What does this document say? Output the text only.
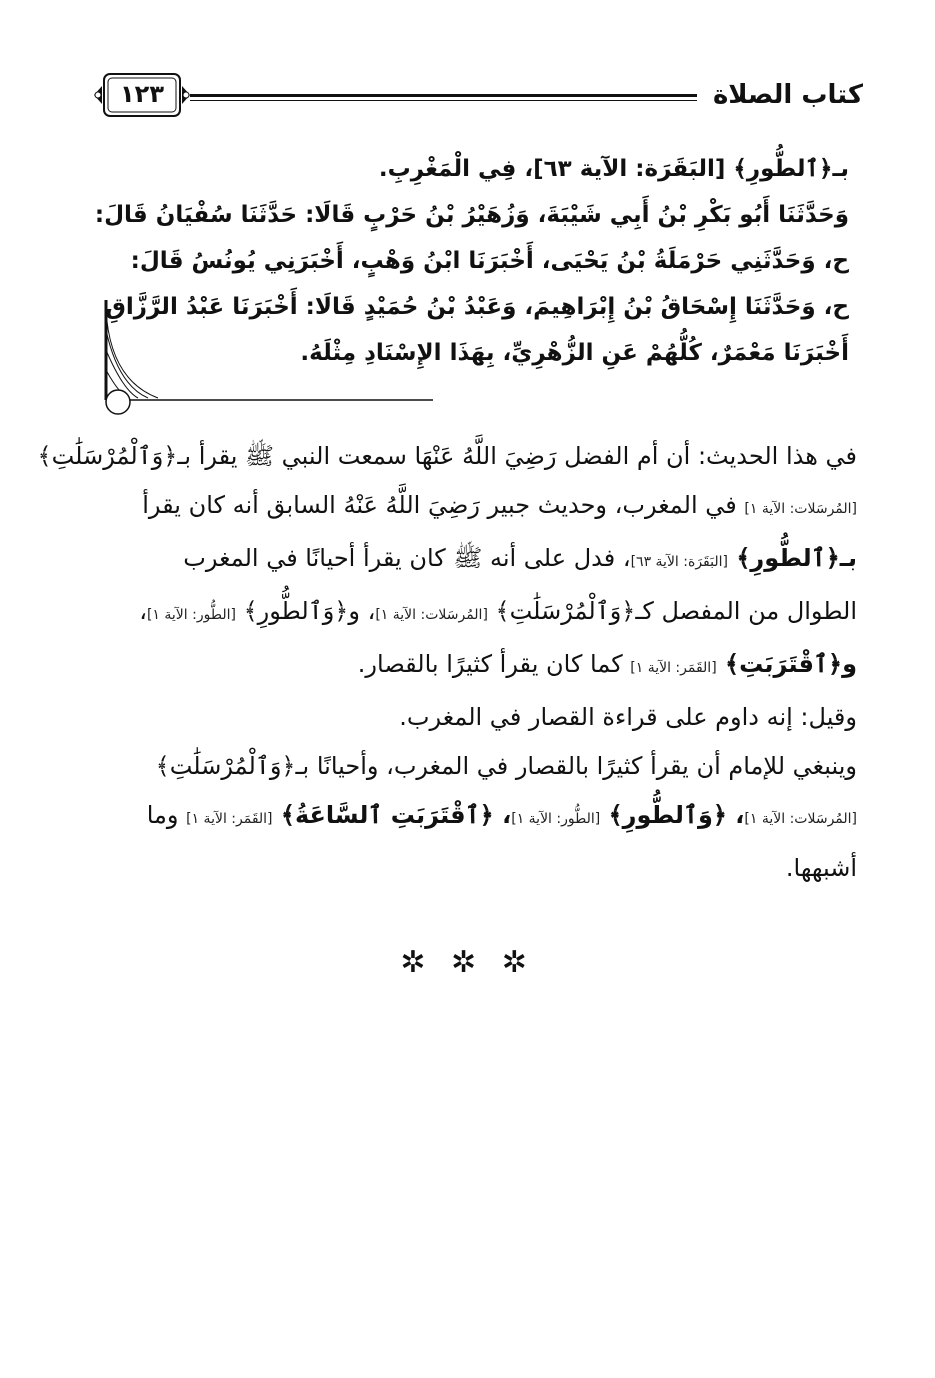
كتاب الصلاة
١٢٣

بـ﴿ٱلطُّورِ﴾ [البَقَرَة: الآية ٦٣]، فِي الْمَغْرِبِ.

وَحَدَّثَنَا أَبُو بَكْرِ بْنُ أَبِي شَيْبَةَ، وَزُهَيْرُ بْنُ حَرْبٍ قَالَا: حَدَّثَنَا سُفْيَانُ قَالَ:

ح، وَحَدَّثَنِي حَرْمَلَةُ بْنُ يَحْيَى، أَخْبَرَنَا ابْنُ وَهْبٍ، أَخْبَرَنِي يُونُسُ قَالَ:

ح، وَحَدَّثَنَا إِسْحَاقُ بْنُ إِبْرَاهِيمَ، وَعَبْدُ بْنُ حُمَيْدٍ قَالَا: أَخْبَرَنَا عَبْدُ الرَّزَّاقِ

أَخْبَرَنَا مَعْمَرٌ، كُلُّهُمْ عَنِ الزُّهْرِيِّ، بِهَذَا الإِسْنَادِ مِثْلَهُ.

في هذا الحديث: أن أم الفضل رَضِيَ اللَّهُ عَنْهَا سمعت النبي ﷺ يقرأ بـ﴿وَٱلْمُرْسَلَٰتِ﴾

[المُرسَلات: الآية ١] في المغرب، وحديث جبير رَضِيَ اللَّهُ عَنْهُ السابق أنه كان يقرأ

بـ﴿ٱلطُّورِ﴾ [البَقَرَة: الآية ٦٣]، فدل على أنه ﷺ كان يقرأ أحيانًا في المغرب

الطوال من المفصل كـ﴿وَٱلْمُرْسَلَٰتِ﴾ [المُرسَلات: الآية ١]، و﴿وَٱلطُّورِ﴾ [الطُّور: الآية ١]،

و﴿ٱقْتَرَبَتِ﴾ [القَمَر: الآية ١] كما كان يقرأ كثيرًا بالقصار.

وقيل: إنه داوم على قراءة القصار في المغرب.

وينبغي للإمام أن يقرأ كثيرًا بالقصار في المغرب، وأحيانًا بـ﴿وَٱلْمُرْسَلَٰتِ﴾

[المُرسَلات: الآية ١]، ﴿وَٱلطُّورِ﴾ [الطُّور: الآية ١]، ﴿ٱقْتَرَبَتِ ٱلسَّاعَةُ﴾ [القَمَر: الآية ١] وما

أشبهها.

✲ ✲ ✲
